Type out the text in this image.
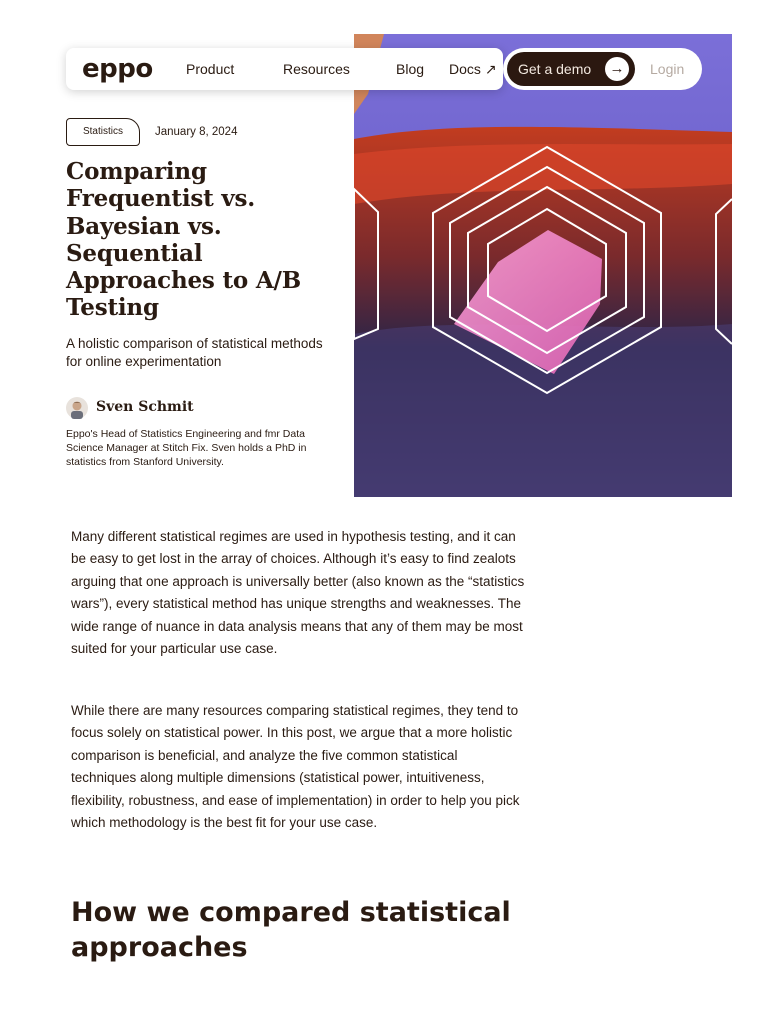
eppo Product	Resources	Blog Docs ↗	Get a demo	→	Login
Statistics	January 8, 2024
Comparing Frequentist vs. Bayesian vs. Sequential Approaches to A/B Testing

A holistic comparison of statistical methods for online experimentation

Sven Schmit

Eppo's Head of Statistics Engineering and fmr Data Science Manager at Stitch Fix. Sven holds a PhD in statistics from Stanford University.

Many different statistical regimes are used in hypothesis testing, and it can be easy to get lost in the array of choices. Although it’s easy to find zealots arguing that one approach is universally better (also known as the “statistics wars”), every statistical method has unique strengths and weaknesses. The wide range of nuance in data analysis means that any of them may be most suited for your particular use case.

While there are many resources comparing statistical regimes, they tend to focus solely on statistical power. In this post, we argue that a more holistic comparison is beneficial, and analyze the five common statistical techniques along multiple dimensions (statistical power, intuitiveness, flexibility, robustness, and ease of implementation) in order to help you pick which methodology is the best fit for your use case.

How we compared statistical approaches
